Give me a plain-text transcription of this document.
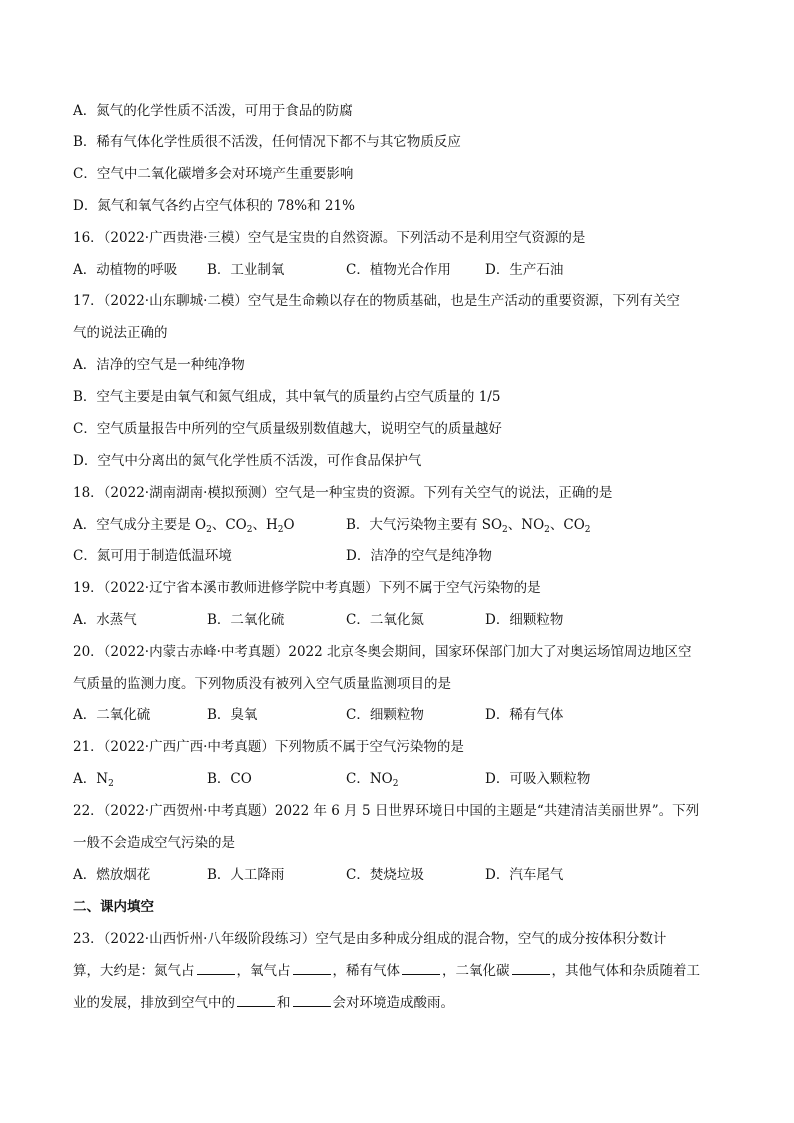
A．氮气的化学性质不活泼，可用于食品的防腐
B．稀有气体化学性质很不活泼，任何情况下都不与其它物质反应
C．空气中二氧化碳增多会对环境产生重要影响
D．氮气和氧气各约占空气体积的 78%和 21%
16．（2022·广西贵港·三模）空气是宝贵的自然资源。下列活动不是利用空气资源的是
A．动植物的呼吸 B．工业制氧	C．植物光合作用	D．生产石油
17．（2022·山东聊城·二模）空气是生命赖以存在的物质基础，也是生产活动的重要资源，下列有关空
气的说法正确的
A．洁净的空气是一种纯净物
B．空气主要是由氧气和氮气组成，其中氧气的质量约占空气质量的 1/5
C．空气质量报告中所列的空气质量级别数值越大，说明空气的质量越好
D．空气中分离出的氮气化学性质不活泼，可作食品保护气
18．（2022·湖南湖南·模拟预测）空气是一种宝贵的资源。下列有关空气的说法，正确的是
A．空气成分主要是 $O_2$、$CO_2$、$H_2O$	B．大气污染物主要有 $SO_2$、$NO_2$、$CO_2$
C．氮可用于制造低温环境	D．洁净的空气是纯净物
19．（2022·辽宁省本溪市教师进修学院中考真题）下列不属于空气污染物的是
A．水蒸气	B．二氧化硫	C．二氧化氮	D．细颗粒物
20．（2022·内蒙古赤峰·中考真题）2022 北京冬奥会期间，国家环保部门加大了对奥运场馆周边地区空
气质量的监测力度。下列物质没有被列入空气质量监测项目的是
A．二氧化硫	B．臭氧	C．细颗粒物	D．稀有气体
21．（2022·广西广西·中考真题）下列物质不属于空气污染物的是
A．$N_2$	B．CO	C．$NO_2$	D．可吸入颗粒物
22．（2022·广西贺州·中考真题）2022 年 6 月 5 日世界环境日中国的主题是“共建清洁美丽世界”。下列
一般不会造成空气污染的是
A．燃放烟花	B．人工降雨	C．焚烧垃圾	D．汽车尾气
二、课内填空
23．（2022·山西忻州·八年级阶段练习）空气是由多种成分组成的混合物，空气的成分按体积分数计
算，大约是：氮气占	，氧气占	，稀有气体	，二氧化碳	，其他气体和杂质随着工
业的发展，排放到空气中的	和	会对环境造成酸雨。
